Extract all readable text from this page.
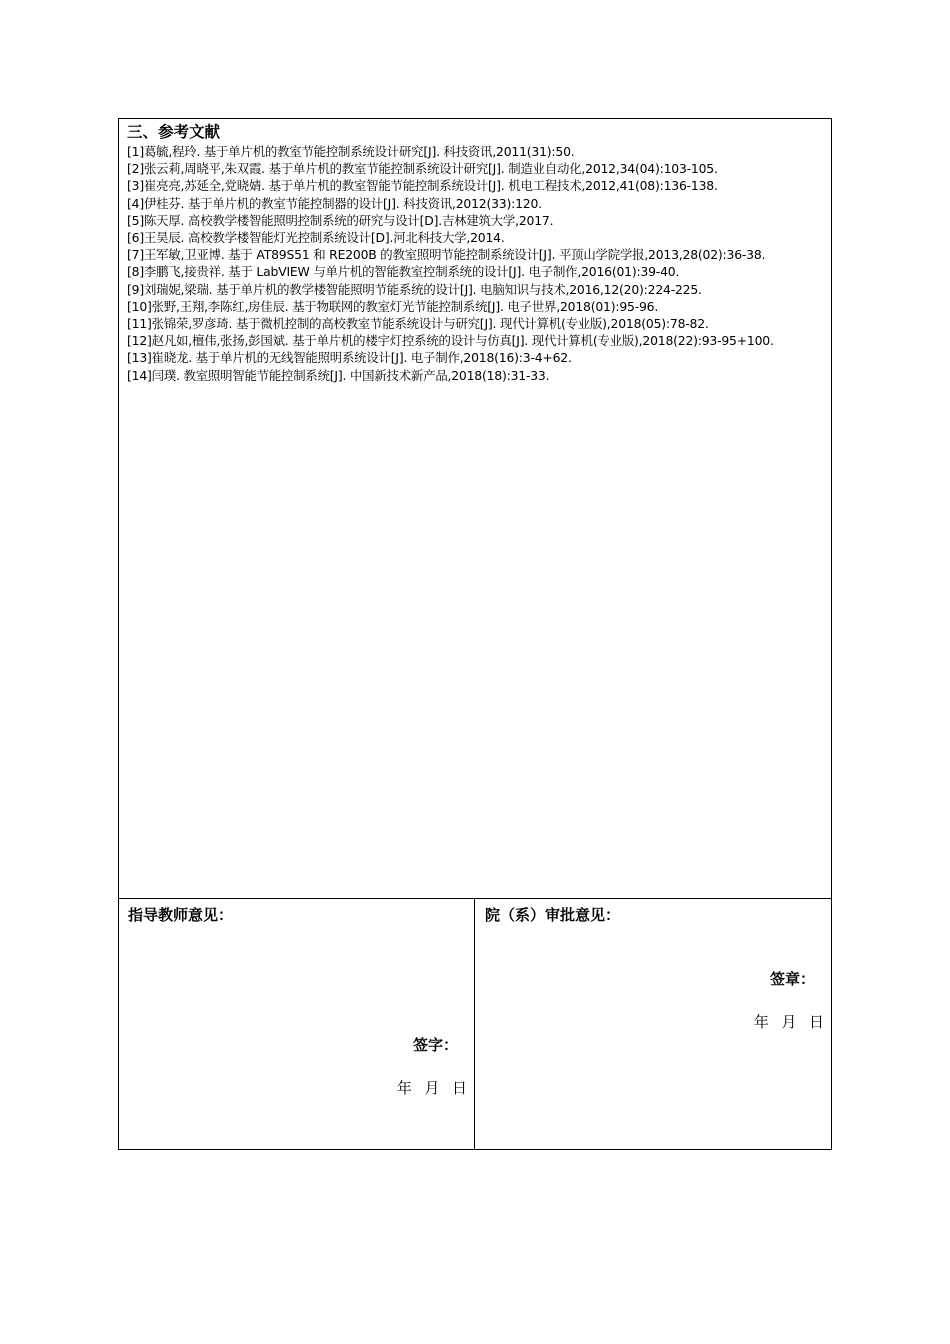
三、参考文献
[1]葛毓,程玲. 基于单片机的教室节能控制系统设计研究[J]. 科技资讯,2011(31):50.
[2]张云莉,周晓平,朱双霞. 基于单片机的教室节能控制系统设计研究[J]. 制造业自动化,2012,34(04):103-105.
[3]崔亮亮,苏延全,党晓婧. 基于单片机的教室智能节能控制系统设计[J]. 机电工程技术,2012,41(08):136-138.
[4]伊桂芬. 基于单片机的教室节能控制器的设计[J]. 科技资讯,2012(33):120.
[5]陈天厚. 高校教学楼智能照明控制系统的研究与设计[D].吉林建筑大学,2017.
[6]王昊辰. 高校教学楼智能灯光控制系统设计[D].河北科技大学,2014.
[7]王军敏,卫亚博. 基于 AT89S51 和 RE200B 的教室照明节能控制系统设计[J]. 平顶山学院学报,2013,28(02):36-38.
[8]李鹏飞,接贵祥. 基于 LabVIEW 与单片机的智能教室控制系统的设计[J]. 电子制作,2016(01):39-40.
[9]刘瑞妮,梁瑞. 基于单片机的教学楼智能照明节能系统的设计[J]. 电脑知识与技术,2016,12(20):224-225.
[10]张野,王翔,李陈红,房佳辰. 基于物联网的教室灯光节能控制系统[J]. 电子世界,2018(01):95-96.
[11]张锦荣,罗彦琦. 基于微机控制的高校教室节能系统设计与研究[J]. 现代计算机(专业版),2018(05):78-82.
[12]赵凡如,檀伟,张扬,彭国斌. 基于单片机的楼宇灯控系统的设计与仿真[J]. 现代计算机(专业版),2018(22):93-95+100.
[13]崔晓龙. 基于单片机的无线智能照明系统设计[J]. 电子制作,2018(16):3-4+62.
[14]闫璞. 教室照明智能节能控制系统[J]. 中国新技术新产品,2018(18):31-33.
指导教师意见：
签字：
年  月  日
院（系）审批意见：
签章：
年  月  日
